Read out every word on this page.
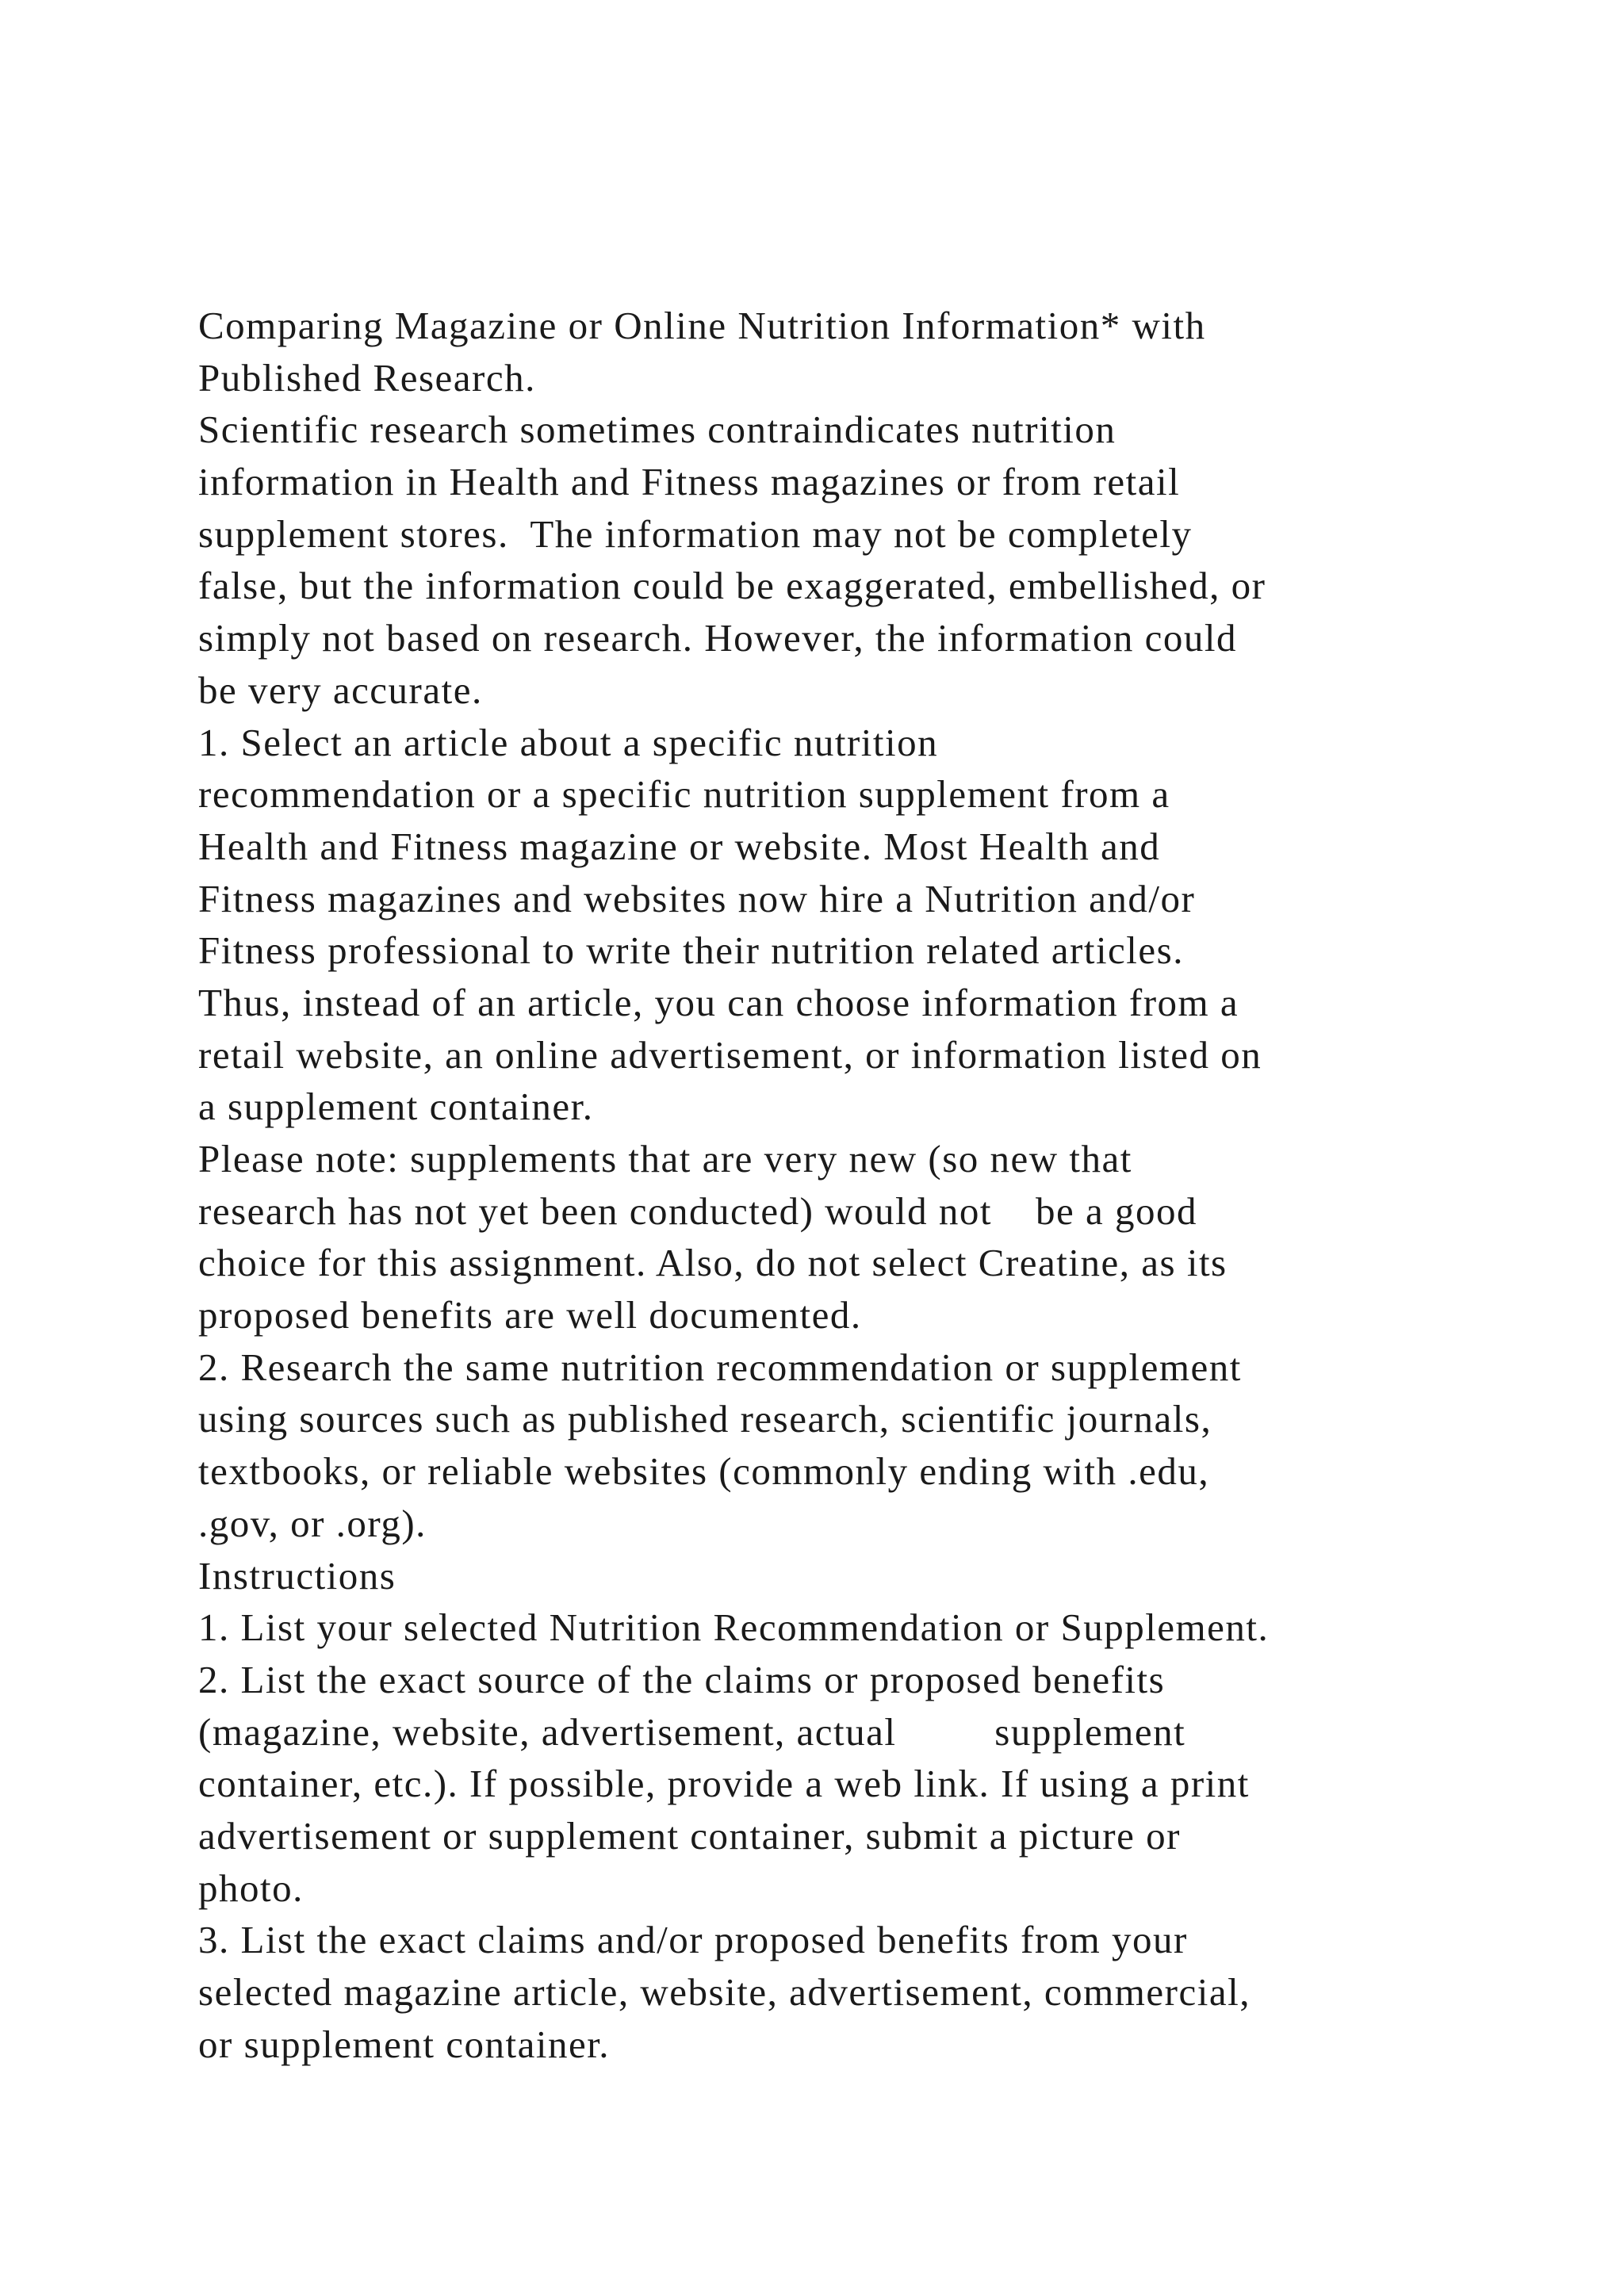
Comparing Magazine or Online Nutrition Information* with
Published Research.
Scientific research sometimes contraindicates nutrition
information in Health and Fitness magazines or from retail
supplement stores.  The information may not be completely
false, but the information could be exaggerated, embellished, or
simply not based on research. However, the information could
be very accurate.
1. Select an article about a specific nutrition
recommendation or a specific nutrition supplement from a
Health and Fitness magazine or website. Most Health and
Fitness magazines and websites now hire a Nutrition and/or
Fitness professional to write their nutrition related articles.
Thus, instead of an article, you can choose information from a
retail website, an online advertisement, or information listed on
a supplement container.
Please note: supplements that are very new (so new that
research has not yet been conducted) would not    be a good
choice for this assignment. Also, do not select Creatine, as its
proposed benefits are well documented.
2. Research the same nutrition recommendation or supplement
using sources such as published research, scientific journals,
textbooks, or reliable websites (commonly ending with .edu,
.gov, or .org).
Instructions
1. List your selected Nutrition Recommendation or Supplement.
2. List the exact source of the claims or proposed benefits
(magazine, website, advertisement, actual         supplement
container, etc.). If possible, provide a web link. If using a print
advertisement or supplement container, submit a picture or
photo.
3. List the exact claims and/or proposed benefits from your
selected magazine article, website, advertisement, commercial,
or supplement container.
